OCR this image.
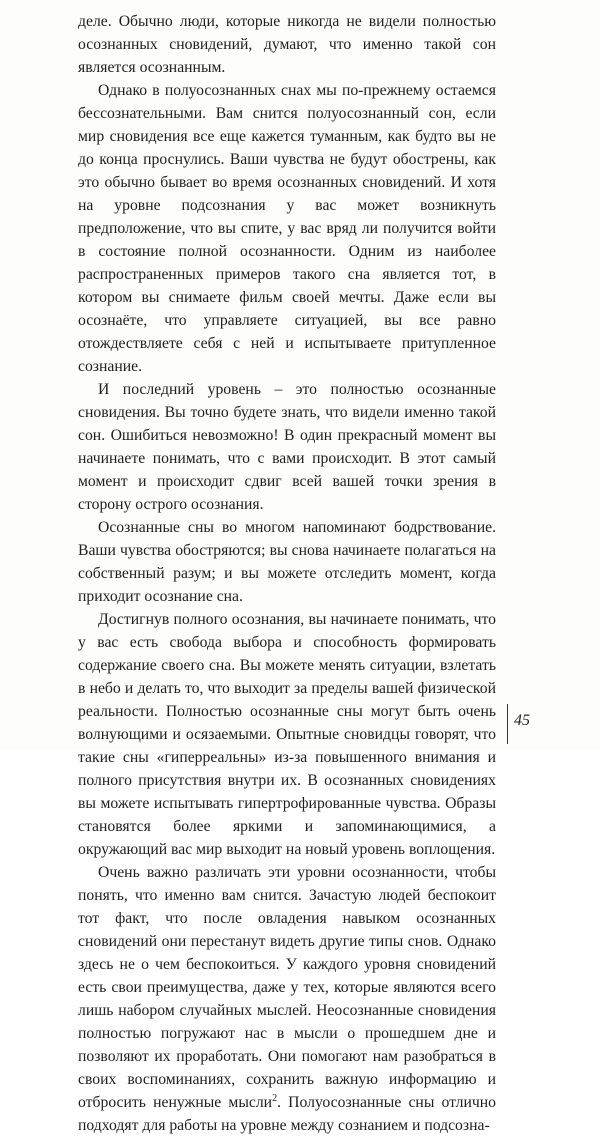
деле. Обычно люди, которые никогда не видели полностью осознанных сновидений, думают, что именно такой сон является осознанным.

Однако в полуосознанных снах мы по-прежнему остаемся бессознательными. Вам снится полуосознанный сон, если мир сновидения все еще кажется туманным, как будто вы не до конца проснулись. Ваши чувства не будут обострены, как это обычно бывает во время осознанных сновидений. И хотя на уровне подсознания у вас может возникнуть предположение, что вы спите, у вас вряд ли получится войти в состояние полной осознанности. Одним из наиболее распространенных примеров такого сна является тот, в котором вы снимаете фильм своей мечты. Даже если вы осознаёте, что управляете ситуацией, вы все равно отождествляете себя с ней и испытываете притупленное сознание.

И последний уровень – это полностью осознанные сновидения. Вы точно будете знать, что видели именно такой сон. Ошибиться невозможно! В один прекрасный момент вы начинаете понимать, что с вами происходит. В этот самый момент и происходит сдвиг всей вашей точки зрения в сторону острого осознания.

Осознанные сны во многом напоминают бодрствование. Ваши чувства обостряются; вы снова начинаете полагаться на собственный разум; и вы можете отследить момент, когда приходит осознание сна.

Достигнув полного осознания, вы начинаете понимать, что у вас есть свобода выбора и способность формировать содержание своего сна. Вы можете менять ситуации, взлетать в небо и делать то, что выходит за пределы вашей физической реальности. Полностью осознанные сны могут быть очень волнующими и осязаемыми. Опытные сновидцы говорят, что такие сны «гиперреальны» из-за повышенного внимания и полного присутствия внутри их. В осознанных сновидениях вы можете испытывать гипертрофированные чувства. Образы становятся более яркими и запоминающимися, а окружающий вас мир выходит на новый уровень воплощения.

Очень важно различать эти уровни осознанности, чтобы понять, что именно вам снится. Зачастую людей беспокоит тот факт, что после овладения навыком осознанных сновидений они перестанут видеть другие типы снов. Однако здесь не о чем беспокоиться. У каждого уровня сновидений есть свои преимущества, даже у тех, которые являются всего лишь набором случайных мыслей. Неосознанные сновидения полностью погружают нас в мысли о прошедшем дне и позволяют их проработать. Они помогают нам разобраться в своих воспоминаниях, сохранить важную информацию и отбросить ненужные мысли$^2$. Полуосознанные сны отлично подходят для работы на уровне между сознанием и подсозна-

45
